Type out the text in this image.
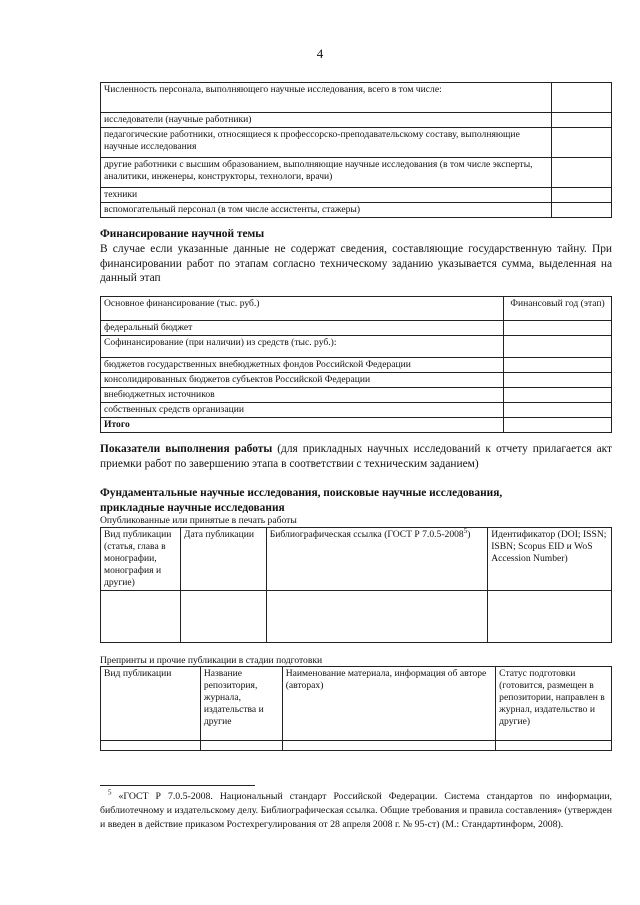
4
Численность персонала, выполняющего научные исследования, всего в том числе:	
исследователи (научные работники)	
педагогические работники, относящиеся к профессорско-преподавательскому составу, выполняющие научные исследования	
другие работники с высшим образованием, выполняющие научные исследования (в том числе эксперты, аналитики, инженеры, конструкторы, технологи, врачи)	
техники	
вспомогательный персонал (в том числе ассистенты, стажеры)	
Финансирование научной темы
В случае если указанные данные не содержат сведения, составляющие государственную тайну. При финансировании работ по этапам согласно техническому заданию указывается сумма, выделенная на данный этап
Основное финансирование (тыс. руб.)	Финансовый год (этап)
федеральный бюджет	
Софинансирование (при наличии) из средств (тыс. руб.):	
бюджетов государственных внебюджетных фондов Российской Федерации	
консолидированных бюджетов субъектов Российской Федерации	
внебюджетных источников	
собственных средств организации	
Итого	
Показатели выполнения работы (для прикладных научных исследований к отчету прилагается акт приемки работ по завершению этапа в соответствии с техническим заданием)
Фундаментальные научные исследования, поисковые научные исследования, прикладные научные исследования
Опубликованные или принятые в печать работы
Вид публикации (статья, глава в монографии, монография и другие)	Дата публикации	Библиографическая ссылка (ГОСТ Р 7.0.5-2008$^5$)	Идентификатор (DOI; ISSN; ISBN; Scopus EID и WoS Accession Number)

Препринты и прочие публикации в стадии подготовки
Вид публикации	Название репозитория, журнала, издательства и другие	Наименование материала, информация об авторе (авторах)	Статус подготовки (готовится, размещен в репозитории, направлен в журнал, издательство и другие)

$^5$ «ГОСТ Р 7.0.5-2008. Национальный стандарт Российской Федерации. Система стандартов по информации, библиотечному и издательскому делу. Библиографическая ссылка. Общие требования и правила составления» (утвержден и введен в действие приказом Ростехрегулирования от 28 апреля 2008 г. № 95-ст) (М.: Стандартинформ, 2008).
